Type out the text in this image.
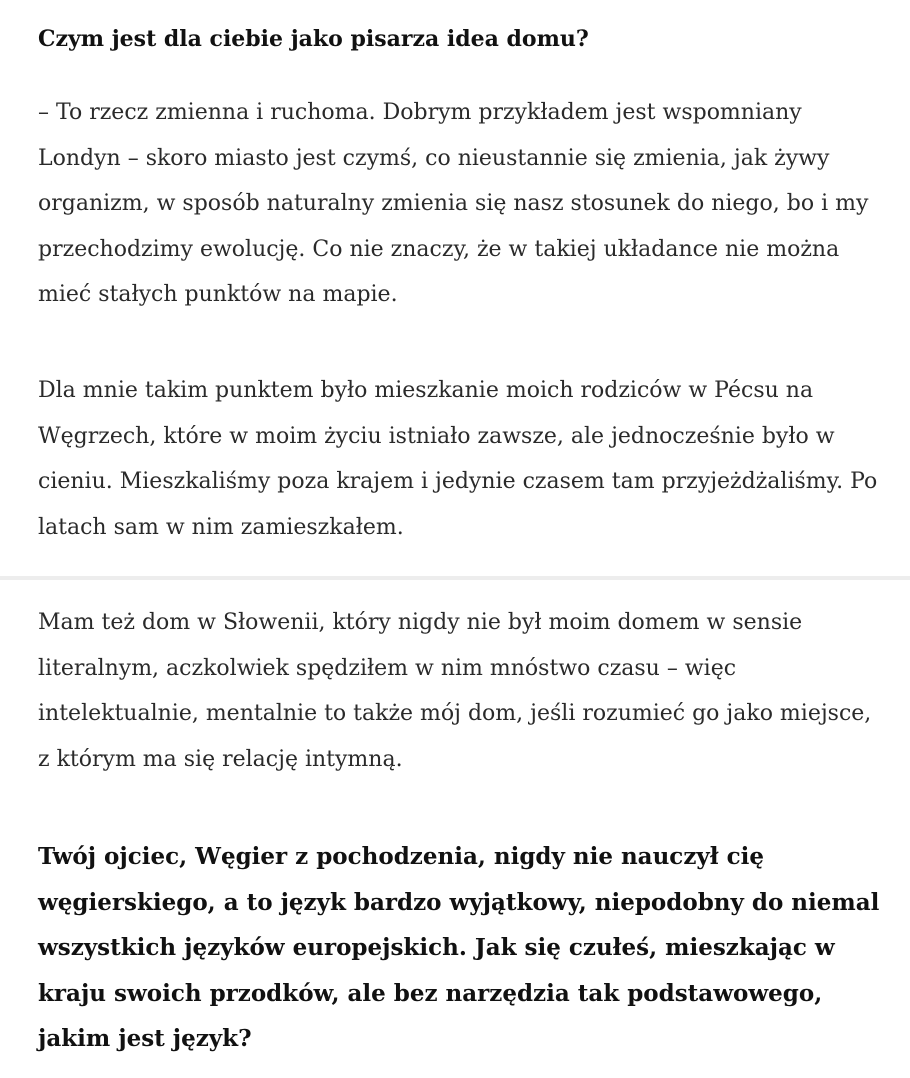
Czym jest dla ciebie jako pisarza idea domu?

– To rzecz zmienna i ruchoma. Dobrym przykładem jest wspomniany Londyn – skoro miasto jest czymś, co nieustannie się zmienia, jak żywy organizm, w sposób naturalny zmienia się nasz stosunek do niego, bo i my przechodzimy ewolucję. Co nie znaczy, że w takiej układance nie można mieć stałych punktów na mapie.

Dla mnie takim punktem było mieszkanie moich rodziców w Pécsu na Węgrzech, które w moim życiu istniało zawsze, ale jednocześnie było w cieniu. Mieszkaliśmy poza krajem i jedynie czasem tam przyjeżdżaliśmy. Po latach sam w nim zamieszkałem.

Mam też dom w Słowenii, który nigdy nie był moim domem w sensie literalnym, aczkolwiek spędziłem w nim mnóstwo czasu – więc intelektualnie, mentalnie to także mój dom, jeśli rozumieć go jako miejsce, z którym ma się relację intymną.

Twój ojciec, Węgier z pochodzenia, nigdy nie nauczył cię węgierskiego, a to język bardzo wyjątkowy, niepodobny do niemal wszystkich języków europejskich. Jak się czułeś, mieszkając w kraju swoich przodków, ale bez narzędzia tak podstawowego, jakim jest język?
